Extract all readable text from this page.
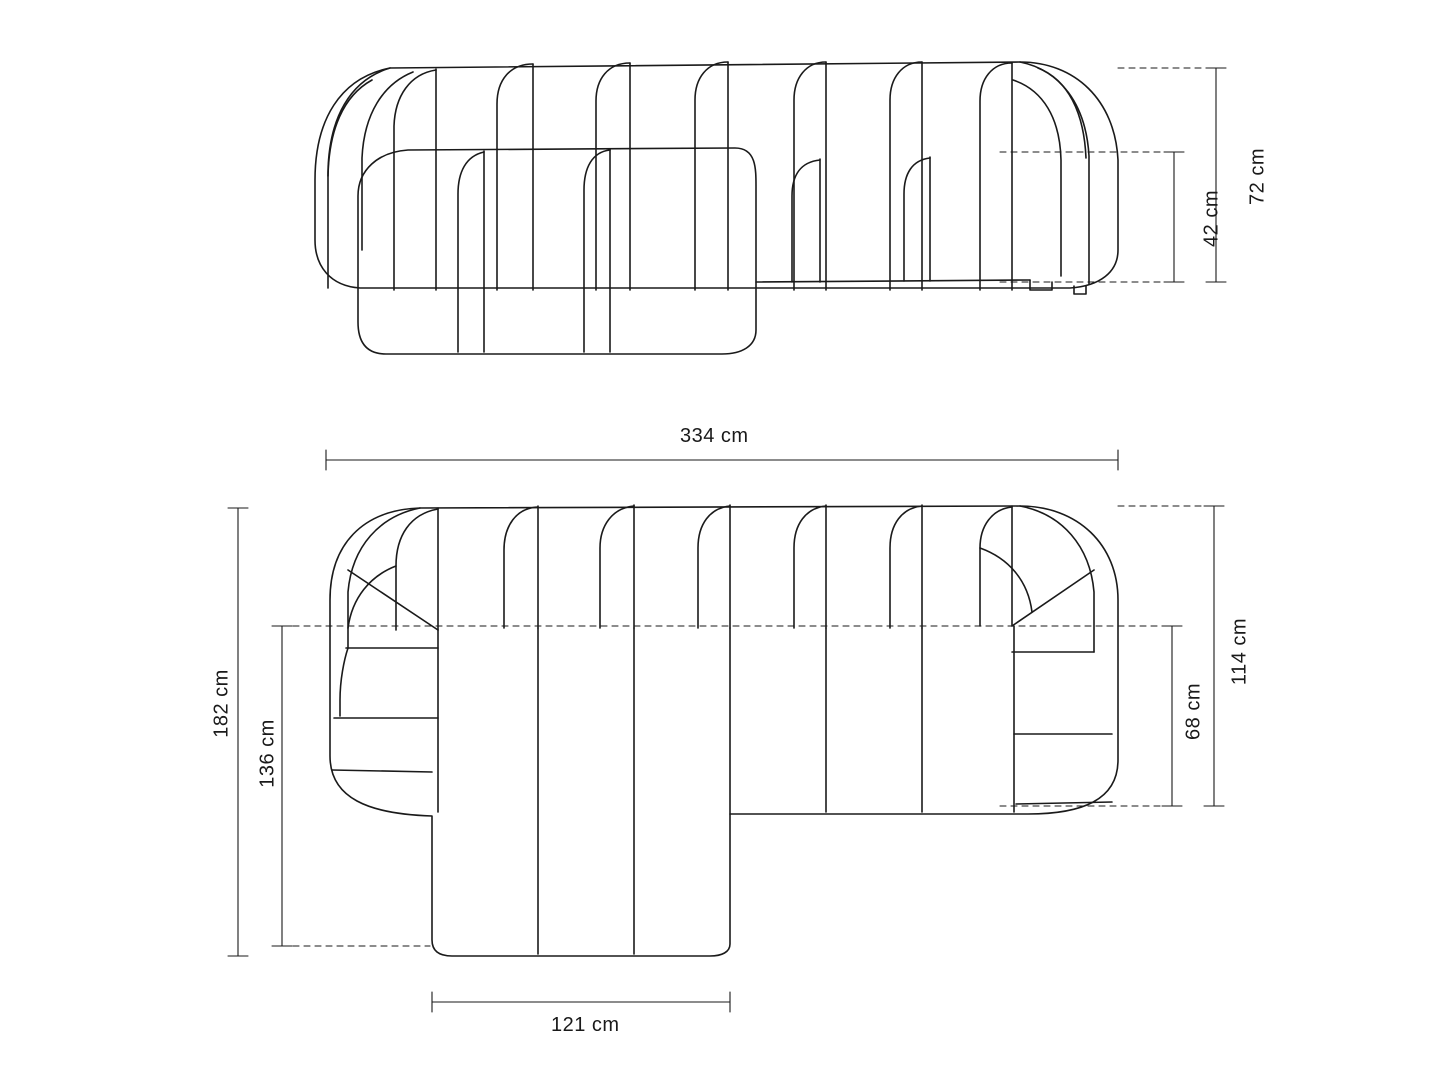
72 cm
42 cm
334 cm
182 cm
136 cm
114 cm
68 cm
121 cm
